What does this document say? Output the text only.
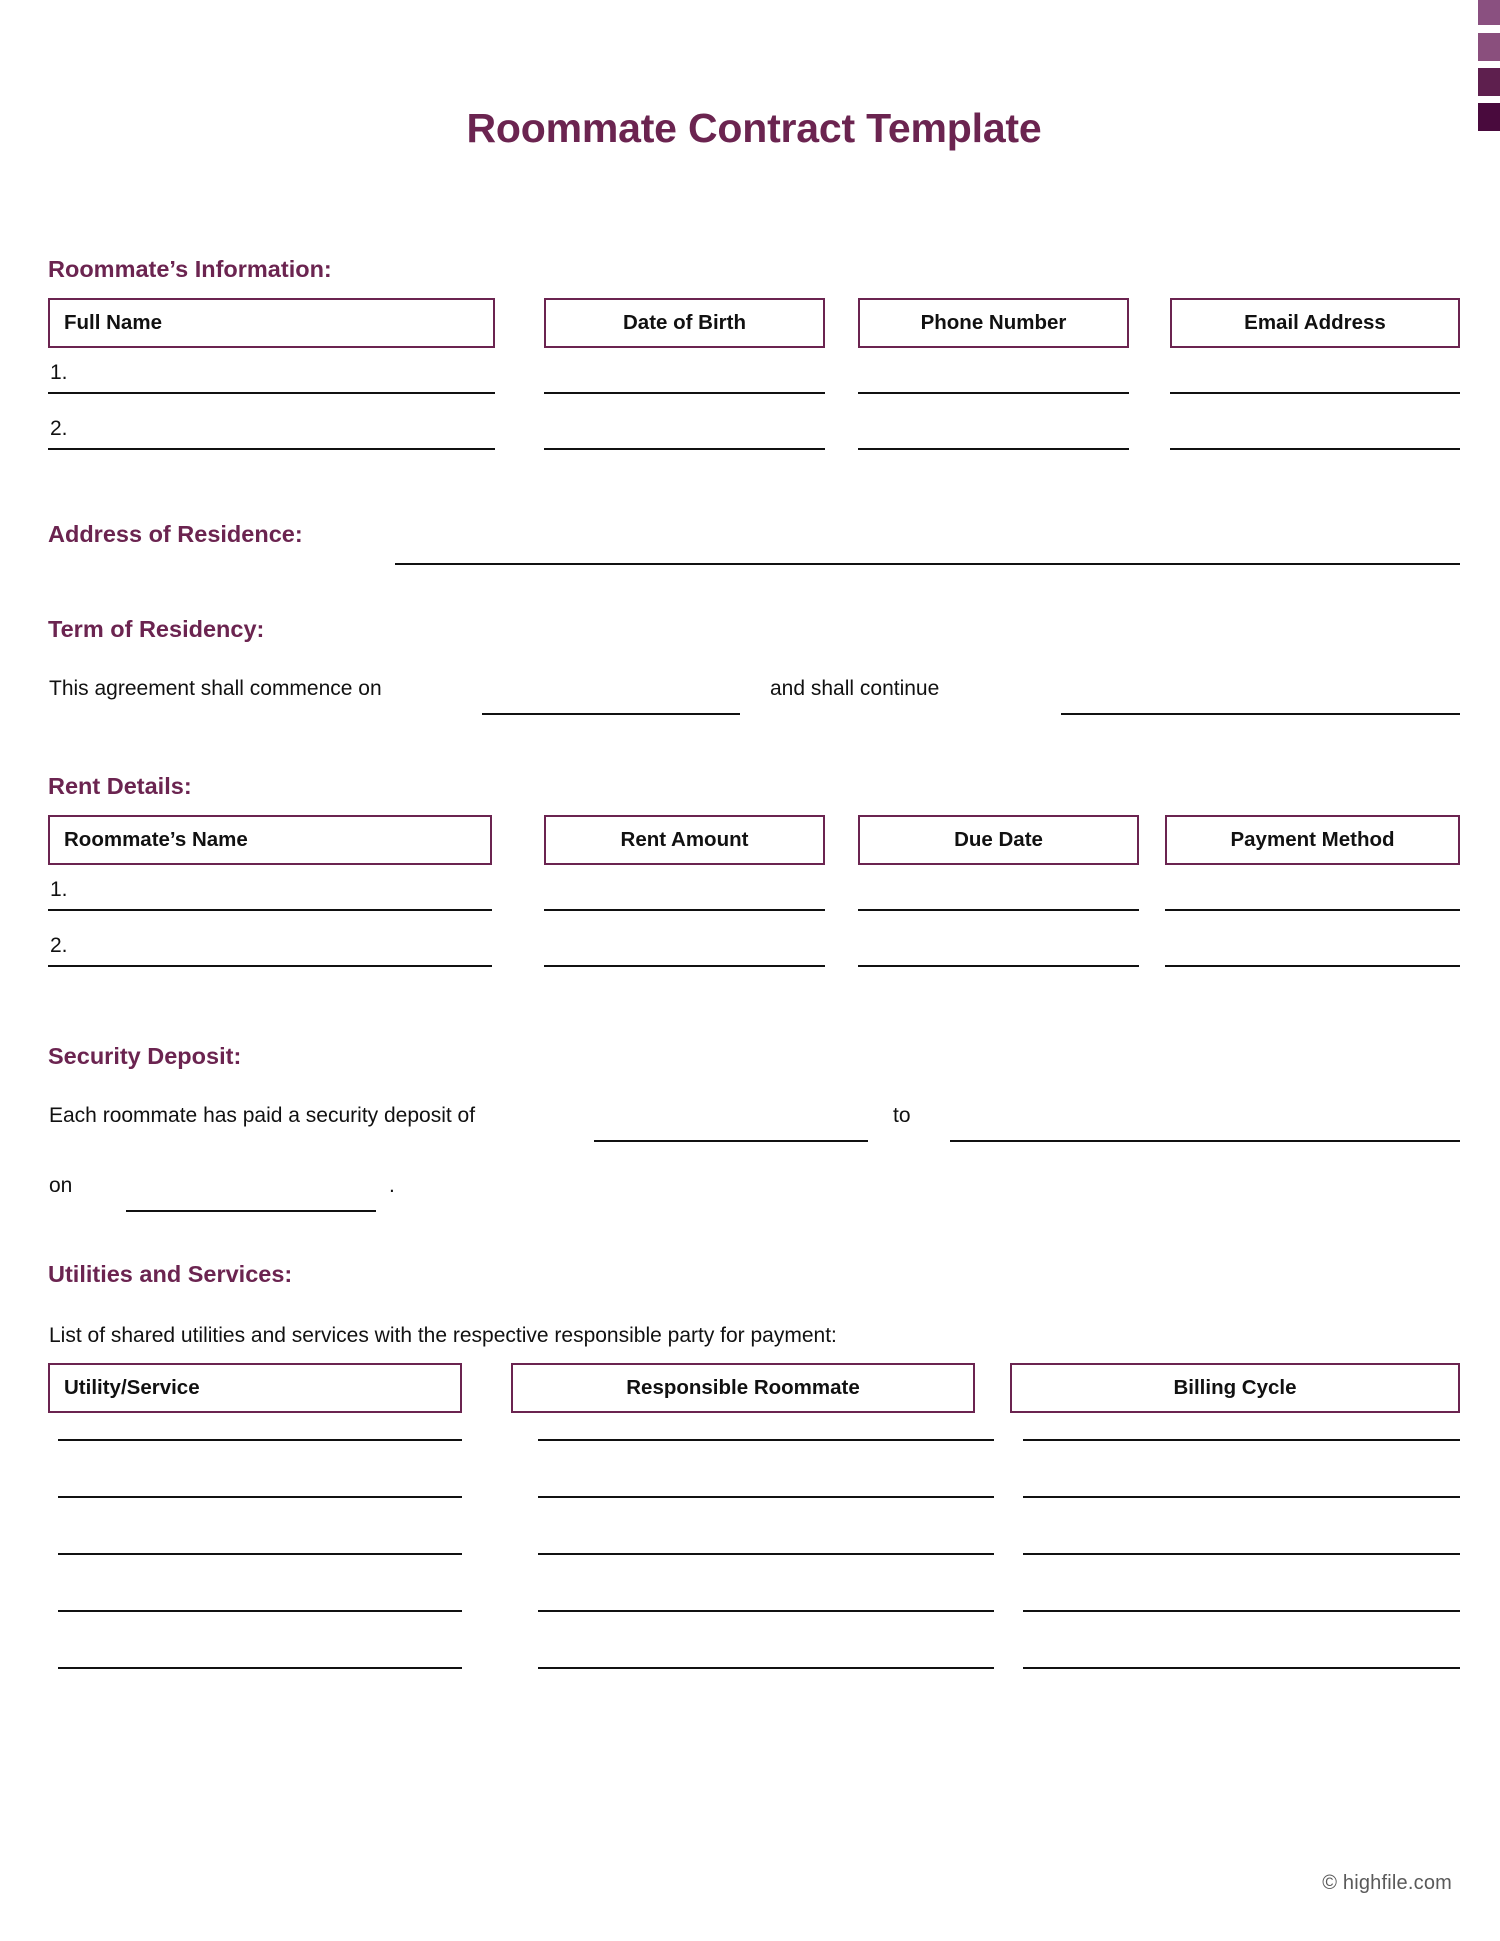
Roommate Contract Template
Roommate’s Information:
Full Name	Date of Birth	Phone Number	Email Address
1.
2.
Address of Residence:
Term of Residency:
This agreement shall commence on	and shall continue
Rent Details:
Roommate’s Name	Rent Amount	Due Date	Payment Method
1.
2.
Security Deposit:
Each roommate has paid a security deposit of	to
on	.
Utilities and Services:
List of shared utilities and services with the respective responsible party for payment:
Utility/Service	Responsible Roommate	Billing Cycle
© highfile.com
